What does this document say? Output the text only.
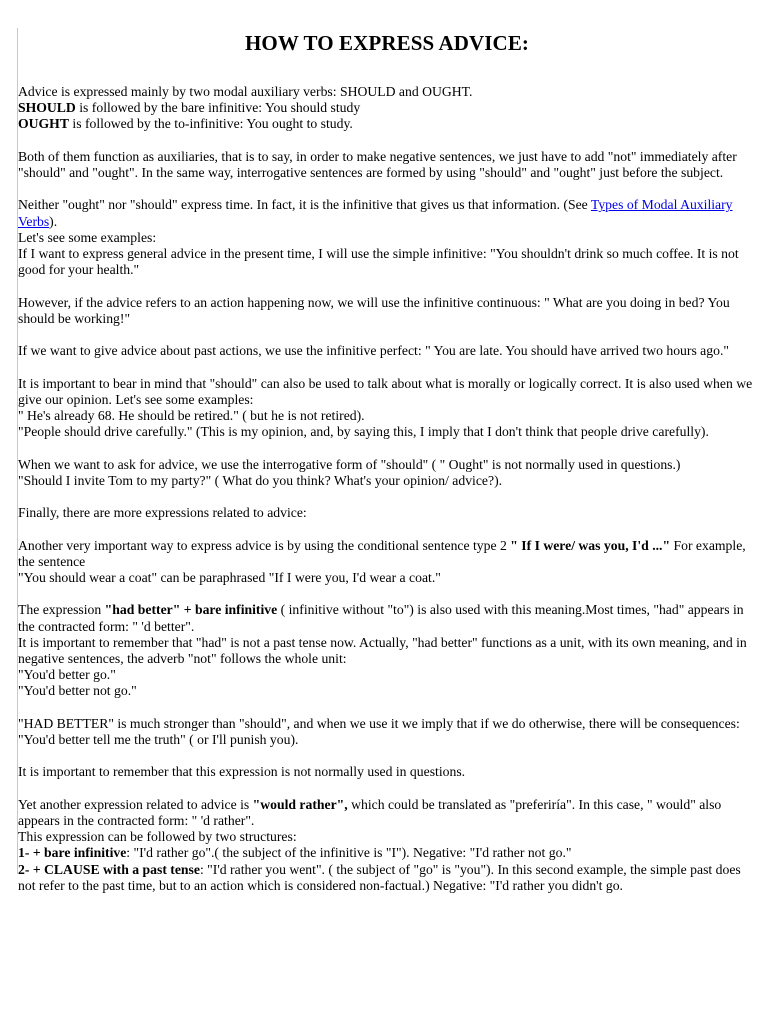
HOW TO EXPRESS ADVICE:

Advice is expressed mainly by two modal auxiliary verbs: SHOULD and OUGHT.
SHOULD is followed by the bare infinitive: You should study
OUGHT is followed by the to-infinitive: You ought to study.

Both of them function as auxiliaries, that is to say, in order to make negative sentences, we just have to add "not" immediately after "should" and "ought". In the same way, interrogative sentences are formed by using "should" and "ought" just before the subject.

Neither "ought" nor "should" express time. In fact, it is the infinitive that gives us that information. (See Types of Modal Auxiliary Verbs).
Let's see some examples:
If I want to express general advice in the present time, I will use the simple infinitive: "You shouldn't drink so much coffee. It is not good for your health."

However, if the advice refers to an action happening now, we will use the infinitive continuous: " What are you doing in bed? You should be working!"

If we want to give advice about past actions, we use the infinitive perfect: " You are late. You should have arrived two hours ago."

It is important to bear in mind that "should" can also be used to talk about what is morally or logically correct. It is also used when we give our opinion. Let's see some examples:
" He's already 68. He should be retired." ( but he is not retired).
"People should drive carefully." (This is my opinion, and, by saying this, I imply that I don't think that people drive carefully).

When we want to ask for advice, we use the interrogative form of "should" ( " Ought" is not normally used in questions.)
"Should I invite Tom to my party?" ( What do you think? What's your opinion/ advice?).

Finally, there are more expressions related to advice:

Another very important way to express advice is by using the conditional sentence type 2 " If I were/ was you, I'd ..." For example, the sentence
"You should wear a coat" can be paraphrased "If I were you, I'd wear a coat."

The expression "had better" + bare infinitive ( infinitive without "to") is also used with this meaning.Most times, "had" appears in the contracted form: " 'd better".
It is important to remember that "had" is not a past tense now. Actually, "had better" functions as a unit, with its own meaning, and in negative sentences, the adverb "not" follows the whole unit:
"You'd better go."
"You'd better not go."

"HAD BETTER" is much stronger than "should", and when we use it we imply that if we do otherwise, there will be consequences:
"You'd better tell me the truth" ( or I'll punish you).

It is important to remember that this expression is not normally used in questions.

Yet another expression related to advice is "would rather", which could be translated as "preferiría". In this case, " would" also appears in the contracted form: " 'd rather".
This expression can be followed by two structures:
1- + bare infinitive: "I'd rather go".( the subject of the infinitive is "I"). Negative: "I'd rather not go."
2- + CLAUSE with a past tense: "I'd rather you went". ( the subject of "go" is "you"). In this second example, the simple past does not refer to the past time, but to an action which is considered non-factual.) Negative: "I'd rather you didn't go.
